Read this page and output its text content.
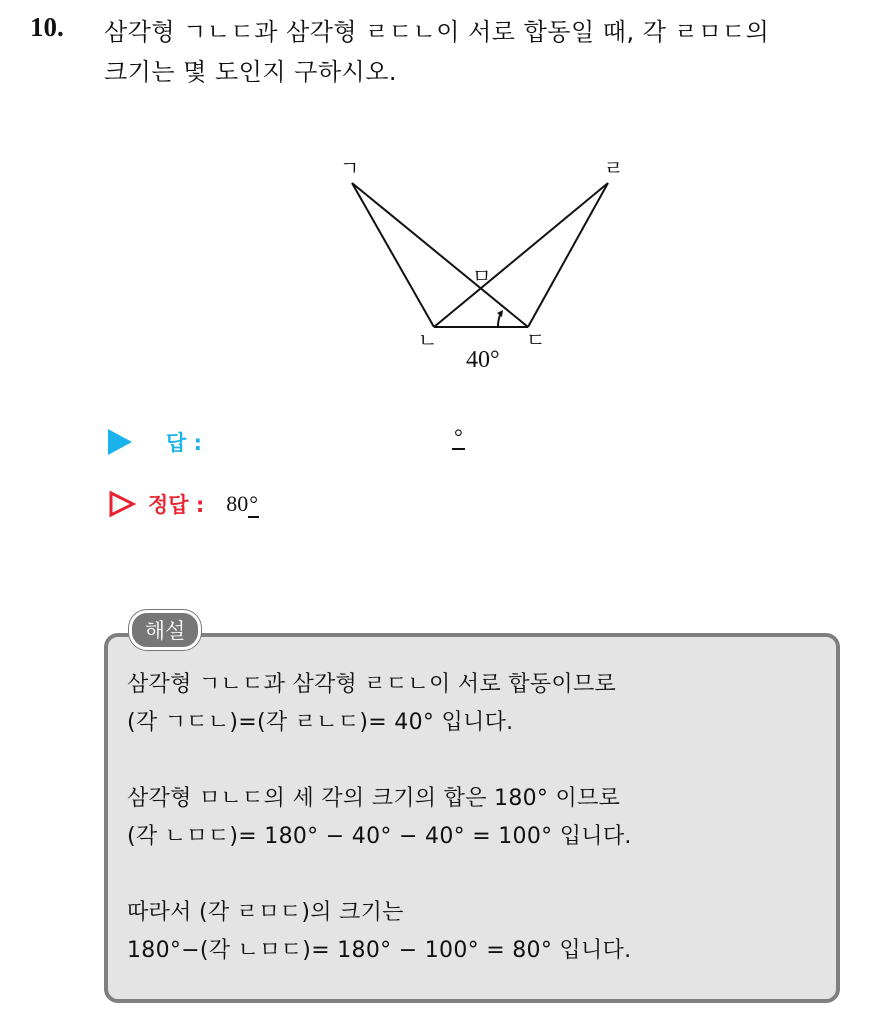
10. 삼각형 ㄱㄴㄷ과 삼각형 ㄹㄷㄴ이 서로 합동일 때, 각 ㄹㅁㄷ의
크기는 몇 도인지 구하시오.
ㄱ	ㄹ
ㅁ
ㄴ	ㄷ
40°
답 :	°
정답 : 80°
해설
삼각형 ㄱㄴㄷ과 삼각형 ㄹㄷㄴ이 서로 합동이므로
(각 ㄱㄷㄴ)=(각 ㄹㄴㄷ)= 40° 입니다.
삼각형 ㅁㄴㄷ의 세 각의 크기의 합은 180° 이므로
(각 ㄴㅁㄷ)= 180° − 40° − 40° = 100° 입니다.
따라서 (각 ㄹㅁㄷ)의 크기는
180°−(각 ㄴㅁㄷ)= 180° − 100° = 80° 입니다.
